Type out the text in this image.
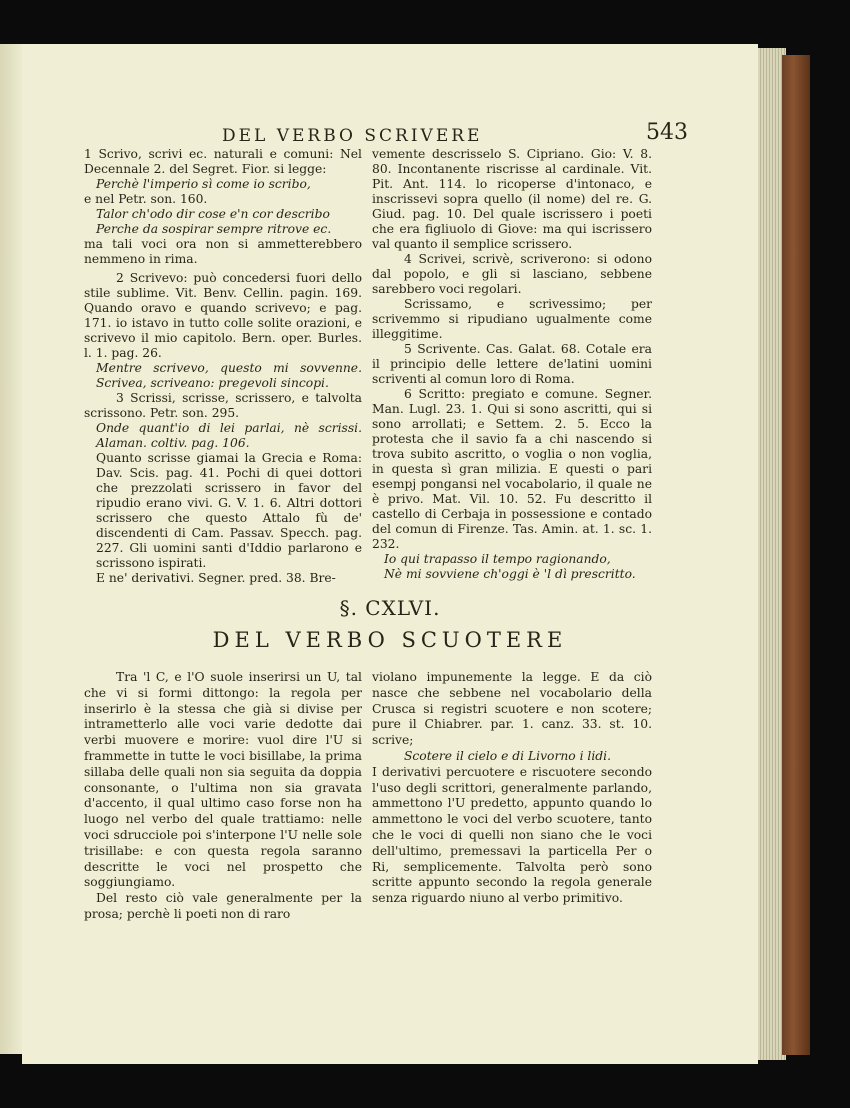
DEL VERBO SCRIVERE	543

1 Scrivo, scrivi ec. naturali e comuni: Nel Decennale 2. del Segret. Fior. si legge:

Perchè l'imperio sì come io scribo,

e nel Petr. son. 160.

Talor ch'odo dir cose e'n cor describo

Perche da sospirar sempre ritrove ec.

ma tali voci ora non si ammetterebbero nemmeno in rima.

2 Scrivevo: può concedersi fuori dello stile sublime. Vit. Benv. Cellin. pagin. 169. Quando oravo e quando scrivevo; e pag. 171. io istavo in tutto colle solite orazioni, e scrivevo il mio capitolo. Bern. oper. Burles. l. 1. pag. 26.

Mentre scrivevo, questo mi sovvenne. Scrivea, scriveano: pregevoli sincopi.

3 Scrissi, scrisse, scrissero, e talvolta scrissono. Petr. son. 295.

Onde quant'io di lei parlai, nè scrissi. Alaman. coltiv. pag. 106.

Quanto scrisse giamai la Grecia e Roma: Dav. Scis. pag. 41. Pochi di quei dottori che prezzolati scrissero in favor del ripudio erano vivi. G. V. 1. 6. Altri dottori scrissero che questo Attalo fù de' discendenti di Cam. Passav. Specch. pag. 227. Gli uomini santi d'Iddio parlarono e scrissono ispirati.

E ne' derivativi. Segner. pred. 38. Bre-

vemente descrisselo S. Cipriano. Gio: V. 8. 80. Incontanente riscrisse al cardinale. Vit. Pit. Ant. 114. lo ricoperse d'intonaco, e inscrissevi sopra quello (il nome) del re. G. Giud. pag. 10. Del quale iscrissero i poeti che era figliuolo di Giove: ma qui iscrissero val quanto il semplice scrissero.

4 Scrivei, scrivè, scriverono: si odono dal popolo, e gli si lasciano, sebbene sarebbero voci regolari.

Scrissamo, e scrivessimo; per scrivemmo si ripudiano ugualmente come illeggitime.

5 Scrivente. Cas. Galat. 68. Cotale era il principio delle lettere de'latini uomini scriventi al comun loro di Roma.

6 Scritto: pregiato e comune. Segner. Man. Lugl. 23. 1. Qui si sono ascritti, qui si sono arrollati; e Settem. 2. 5. Ecco la protesta che il savio fa a chi nascendo si trova subito ascritto, o voglia o non voglia, in questa sì gran milizia. E questi o pari esempj pongansi nel vocabolario, il quale ne è privo. Mat. Vil. 10. 52. Fu descritto il castello di Cerbaja in possessione e contado del comun di Firenze. Tas. Amin. at. 1. sc. 1. 232.

Io qui trapasso il tempo ragionando,

Nè mi sovviene ch'oggi è 'l dì prescritto.

§. CXLVI.
DEL VERBO SCUOTERE

Tra 'l C, e l'O suole inserirsi un U, tal che vi si formi dittongo: la regola per inserirlo è la stessa che già si divise per intrametterlo alle voci varie dedotte dai verbi muovere e morire: vuol dire l'U si frammette in tutte le voci bisillabe, la prima sillaba delle quali non sia seguita da doppia consonante, o l'ultima non sia gravata d'accento, il qual ultimo caso forse non ha luogo nel verbo del quale trattiamo: nelle voci sdrucciole poi s'interpone l'U nelle sole trisillabe: e con questa regola saranno descritte le voci nel prospetto che soggiungiamo.

Del resto ciò vale generalmente per la prosa; perchè li poeti non di raro

violano impunemente la legge. E da ciò nasce che sebbene nel vocabolario della Crusca si registri scuotere e non scotere; pure il Chiabrer. par. 1. canz. 33. st. 10. scrive;

Scotere il cielo e di Livorno i lidi.

I derivativi percuotere e riscuotere secondo l'uso degli scrittori, generalmente parlando, ammettono l'U predetto, appunto quando lo ammettono le voci del verbo scuotere, tanto che le voci di quelli non siano che le voci dell'ultimo, premessavi la particella Per o Ri, semplicemente. Talvolta però sono scritte appunto secondo la regola generale senza riguardo niuno al verbo primitivo.
